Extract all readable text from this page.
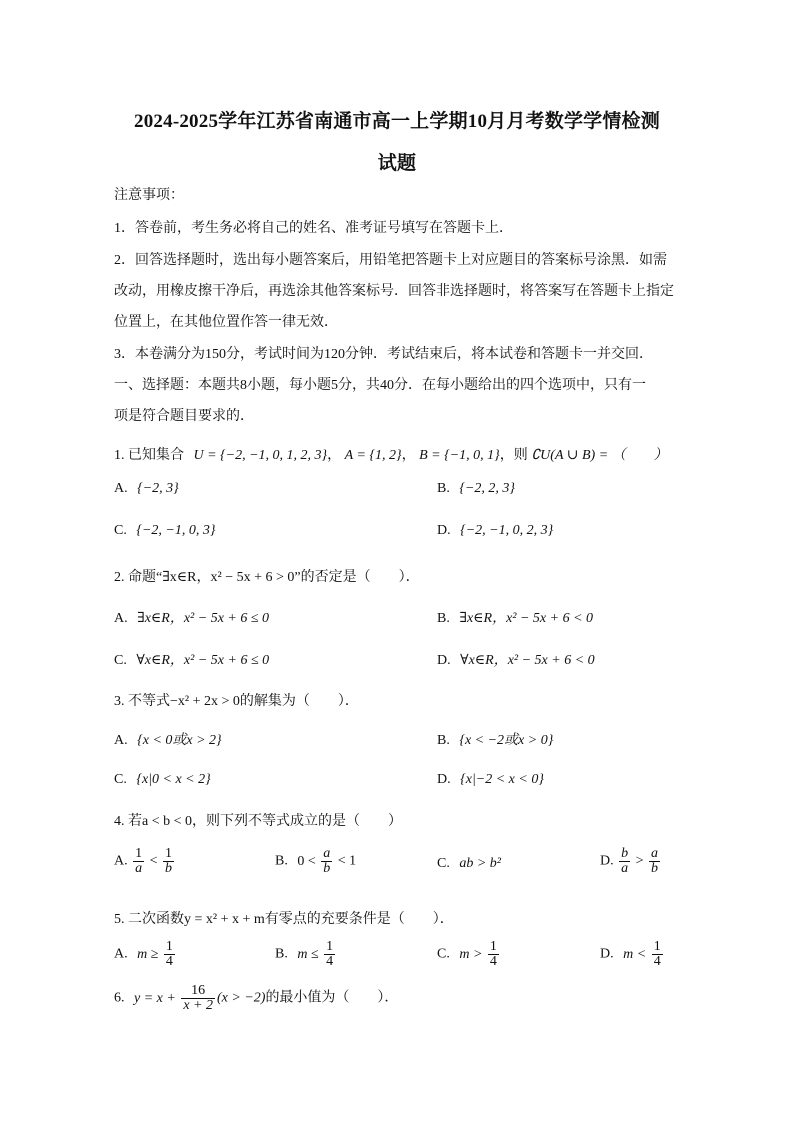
2024-2025学年江苏省南通市高一上学期10月月考数学学情检测
试题
注意事项：
1．答卷前，考生务必将自己的姓名、准考证号填写在答题卡上．
2．回答选择题时，选出每小题答案后，用铅笔把答题卡上对应题目的答案标号涂黑．如需
改动，用橡皮擦干净后，再选涂其他答案标号．回答非选择题时，将答案写在答题卡上指定
位置上，在其他位置作答一律无效．
3．本卷满分为150分，考试时间为120分钟．考试结束后，将本试卷和答题卡一并交回．
一、选择题：本题共8小题，每小题5分，共40分．在每小题给出的四个选项中，只有一
项是符合题目要求的．
1. 已知集合 U = {−2, −1, 0, 1, 2, 3}， A = {1, 2}， B = {−1, 0, 1}，则 ∁U(A ∪ B) = （　　）
A. {−2, 3}	B. {−2, 2, 3}
C. {−2, −1, 0, 3}	D. {−2, −1, 0, 2, 3}
2. 命题“∃x∈R，x² − 5x + 6 > 0”的否定是（　　）．
A. ∃x∈R，x² − 5x + 6 ≤ 0	B. ∃x∈R，x² − 5x + 6 < 0
C. ∀x∈R，x² − 5x + 6 ≤ 0	D. ∀x∈R，x² − 5x + 6 < 0
3. 不等式−x² + 2x > 0的解集为（　　）．
A. {x < 0或x > 2}	B. {x < −2或x > 0}
C. {x|0 < x < 2}	D. {x|−2 < x < 0}
4. 若a < b < 0，则下列不等式成立的是（　　）
A. $\frac{1}{a} < \frac{1}{b}$	B. $0 < \frac{a}{b} < 1$	C. ab > b²	D. $\frac{b}{a} > \frac{a}{b}$
5. 二次函数y = x² + x + m有零点的充要条件是（　　）．
A. $m \ge \frac{1}{4}$	B. $m \le \frac{1}{4}$	C. $m > \frac{1}{4}$	D. $m < \frac{1}{4}$
6. $y = x + \frac{16}{x + 2} (x > -2)$的最小值为（　　）．
